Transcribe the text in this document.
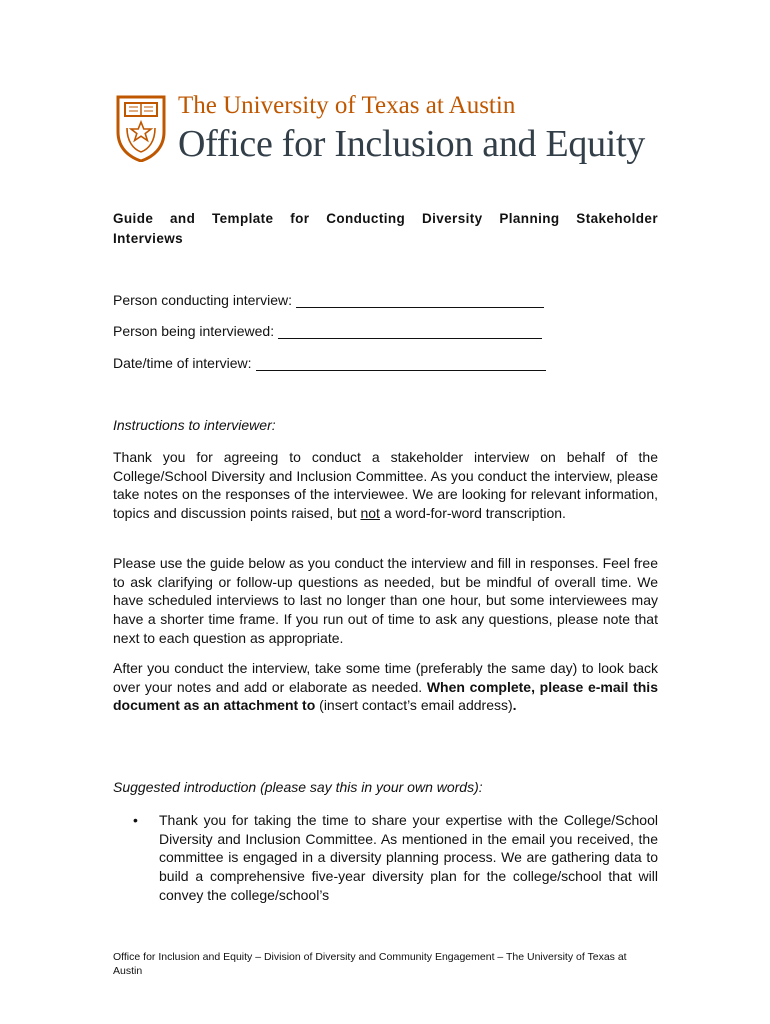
The University of Texas at Austin
Office for Inclusion and Equity
Guide and Template for Conducting Diversity Planning Stakeholder
Interviews
Person conducting interview:
Person being interviewed:
Date/time of interview:
Instructions to interviewer:
Thank you for agreeing to conduct a stakeholder interview on behalf of the College/School Diversity and Inclusion Committee. As you conduct the interview, please take notes on the responses of the interviewee. We are looking for relevant information, topics and discussion points raised, but not a word-for-word transcription.
Please use the guide below as you conduct the interview and fill in responses. Feel free to ask clarifying or follow-up questions as needed, but be mindful of overall time. We have scheduled interviews to last no longer than one hour, but some interviewees may have a shorter time frame. If you run out of time to ask any questions, please note that next to each question as appropriate.
After you conduct the interview, take some time (preferably the same day) to look back over your notes and add or elaborate as needed. When complete, please e-mail this document as an attachment to (insert contact’s email address).
Suggested introduction (please say this in your own words):
• Thank you for taking the time to share your expertise with the College/School Diversity and Inclusion Committee. As mentioned in the email you received, the committee is engaged in a diversity planning process. We are gathering data to build a comprehensive five-year diversity plan for the college/school that will convey the college/school’s
Office for Inclusion and Equity – Division of Diversity and Community Engagement – The University of Texas at Austin
